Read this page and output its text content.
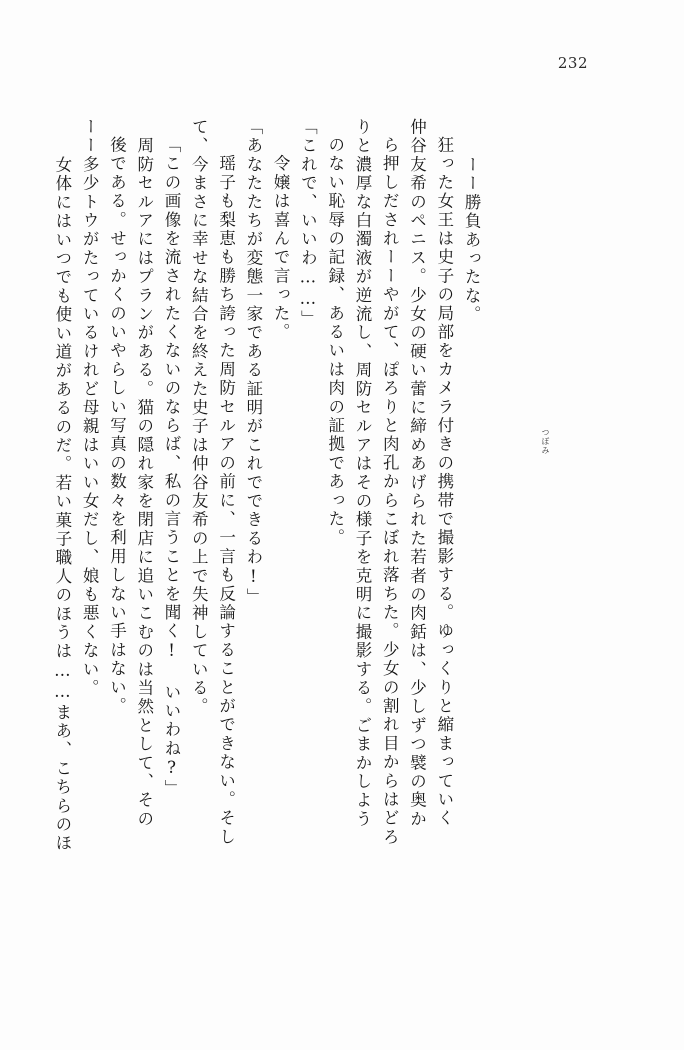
232
女体にはいつでも使い道があるのだ。若い菓子職人のほうは……まあ、こちらのほ ーー多少トウがたっているけれど母親はいい女だし、娘も悪くない。 後である。せっかくのいやらしい写真の数々を利用しない手はない。 　周防セルアにはプランがある。猫の隠れ家を閉店に追いこむのは当然として、その 「この画像を流されたくないのならば、私の言うことを聞く! いいわね?」 て、今まさに幸せな結合を終えた史子は仲谷友希の上で失神している。 　瑶子も梨恵も勝ち誇った周防セルアの前に、一言も反論することができない。そし 「あなたたちが変態一家である証明がこれでできるわ!」 　令嬢は喜んで言った。 「これで、いいわ……」 のない恥辱の記録、あるいは肉の証拠であった。 りと濃厚な白濁液が逆流し、周防セルアはその様子を克明に撮影する。ごまかしよう ら押しだされーーやがて、ぽろりと肉孔からこぼれ落ちた。少女の割れ目からはどろ 仲谷友希のペニス。少女の硬い蕾に締めあげられた若者の肉銛は、少しずつ襞の奥か 狂った女王は史子の局部をカメラ付きの携帯で撮影する。ゆっくりと縮まっていく ーー勝負あったな。
つぼみ
